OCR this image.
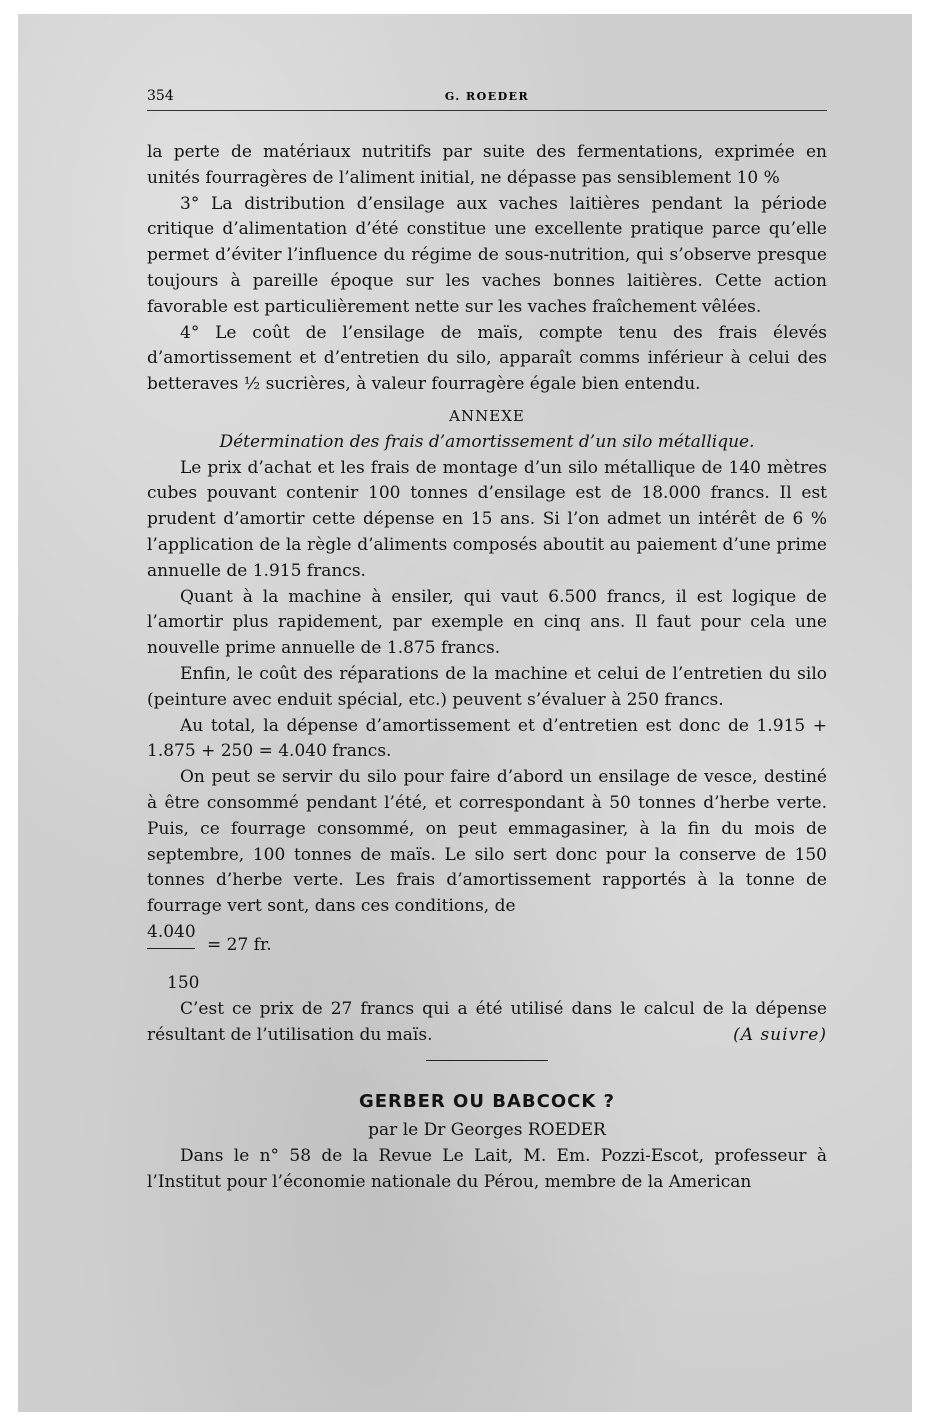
354	G. ROEDER

la perte de matériaux nutritifs par suite des fermentations, exprimée en unités fourragères de l’aliment initial, ne dépasse pas sensiblement 10 %

3° La distribution d’ensilage aux vaches laitières pendant la période critique d’alimentation d’été constitue une excellente pratique parce qu’elle permet d’éviter l’influence du régime de sous-nutrition, qui s’observe presque toujours à pareille époque sur les vaches bonnes laitières. Cette action favorable est particulièrement nette sur les vaches fraîchement vêlées.

4° Le coût de l’ensilage de maïs, compte tenu des frais élevés d’amortissement et d’entretien du silo, apparaît comms inférieur à celui des betteraves ½ sucrières, à valeur fourragère égale bien entendu.

ANNEXE

Détermination des frais d’amortissement d’un silo métallique.

Le prix d’achat et les frais de montage d’un silo métallique de 140 mètres cubes pouvant contenir 100 tonnes d’ensilage est de 18.000 francs. Il est prudent d’amortir cette dépense en 15 ans. Si l’on admet un intérêt de 6 % l’application de la règle d’aliments composés aboutit au paiement d’une prime annuelle de 1.915 francs.

Quant à la machine à ensiler, qui vaut 6.500 francs, il est logique de l’amortir plus rapidement, par exemple en cinq ans. Il faut pour cela une nouvelle prime annuelle de 1.875 francs.

Enfin, le coût des réparations de la machine et celui de l’entretien du silo (peinture avec enduit spécial, etc.) peuvent s’évaluer à 250 francs.

Au total, la dépense d’amortissement et d’entretien est donc de 1.915 + 1.875 + 250 = 4.040 francs.

On peut se servir du silo pour faire d’abord un ensilage de vesce, destiné à être consommé pendant l’été, et correspondant à 50 tonnes d’herbe verte. Puis, ce fourrage consommé, on peut emmagasiner, à la fin du mois de septembre, 100 tonnes de maïs. Le silo sert donc pour la conserve de 150 tonnes d’herbe verte. Les frais d’amortissement rapportés à la tonne de fourrage vert sont, dans ces conditions, de

4.040
= 27 fr.
150

C’est ce prix de 27 francs qui a été utilisé dans le calcul de la dépense résultant de l’utilisation du maïs.	(A suivre)

GERBER OU BABCOCK ?

par le Dr Georges ROEDER

Dans le n° 58 de la Revue Le Lait, M. Em. Pozzi-Escot, professeur à l’Institut pour l’économie nationale du Pérou, membre de la American
